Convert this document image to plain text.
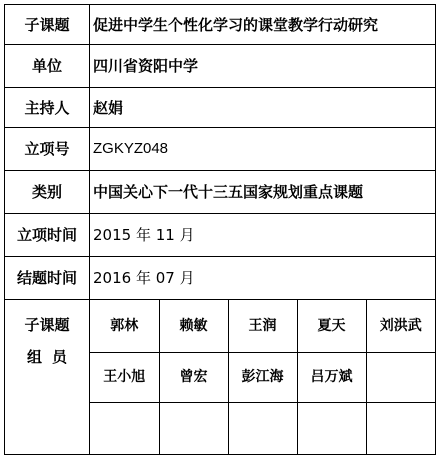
子课题	促进中学生个性化学习的课堂教学行动研究
单位	四川省资阳中学
主持人	赵娟
立项号	ZGKYZ048
类别	中国关心下一代十三五国家规划重点课题
立项时间	2015 年 11 月
结题时间	2016 年 07 月

子课题
组员

郭林	赖敏	王润	夏天	刘洪武
王小旭	曾宏	彭江海	吕万斌	
